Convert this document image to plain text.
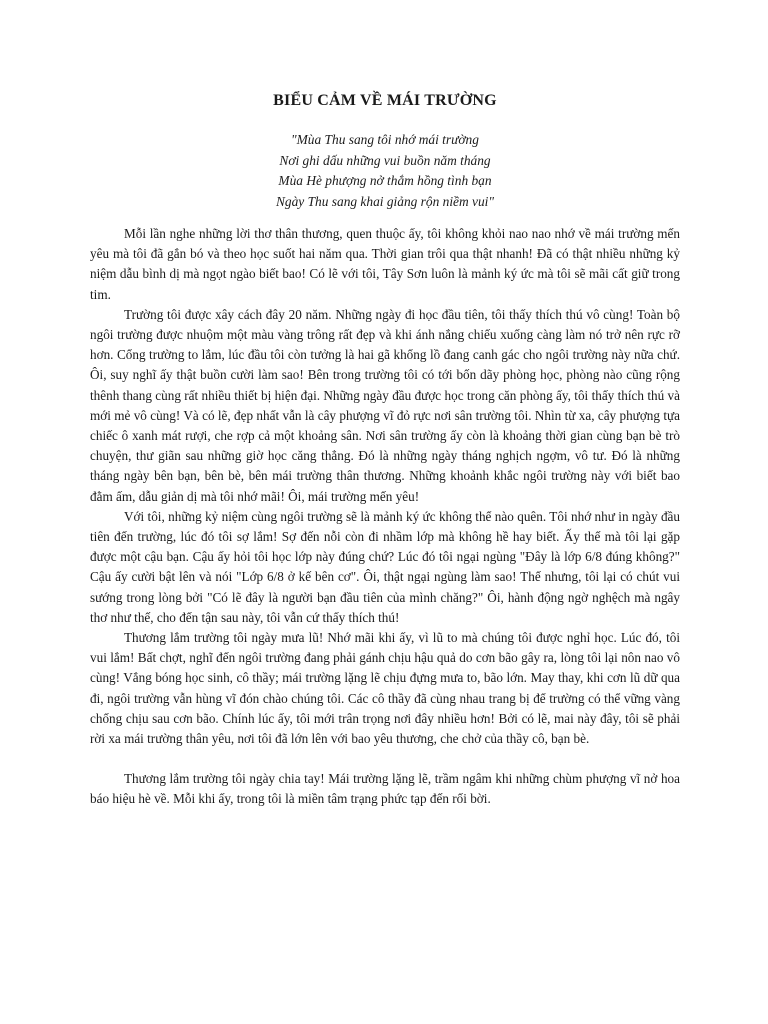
BIỂU CẢM VỀ MÁI TRƯỜNG
"Mùa Thu sang tôi nhớ mái trường
Nơi ghi dấu những vui buồn năm tháng
Mùa Hè phượng nở thắm hồng tình bạn
Ngày Thu sang khai giảng rộn niềm vui"

Mỗi lần nghe những lời thơ thân thương, quen thuộc ấy, tôi không khỏi nao nao nhớ về mái trường mến yêu mà tôi đã gắn bó và theo học suốt hai năm qua. Thời gian trôi qua thật nhanh! Đã có thật nhiều những kỷ niệm dẫu bình dị mà ngọt ngào biết bao! Có lẽ với tôi, Tây Sơn luôn là mảnh ký ức mà tôi sẽ mãi cất giữ trong tim.

Trường tôi được xây cách đây 20 năm. Những ngày đi học đầu tiên, tôi thấy thích thú vô cùng! Toàn bộ ngôi trường được nhuộm một màu vàng trông rất đẹp và khi ánh nắng chiếu xuống càng làm nó trở nên rực rỡ hơn. Cổng trường to lắm, lúc đầu tôi còn tưởng là hai gã khổng lồ đang canh gác cho ngôi trường này nữa chứ. Ôi, suy nghĩ ấy thật buồn cười làm sao! Bên trong trường tôi có tới bốn dãy phòng học, phòng nào cũng rộng thênh thang cùng rất nhiều thiết bị hiện đại. Những ngày đầu được học trong căn phòng ấy, tôi thấy thích thú và mới mẻ vô cùng! Và có lẽ, đẹp nhất vẫn là cây phượng vĩ đỏ rực nơi sân trường tôi. Nhìn từ xa, cây phượng tựa chiếc ô xanh mát rượi, che rợp cả một khoảng sân. Nơi sân trường ấy còn là khoảng thời gian cùng bạn bè trò chuyện, thư giãn sau những giờ học căng thẳng. Đó là những ngày tháng nghịch ngợm, vô tư. Đó là những tháng ngày bên bạn, bên bè, bên mái trường thân thương. Những khoảnh khắc ngôi trường này với biết bao đằm ấm, dẫu giản dị mà tôi nhớ mãi! Ôi, mái trường mến yêu!

Với tôi, những kỷ niệm cùng ngôi trường sẽ là mảnh ký ức không thể nào quên. Tôi nhớ như in ngày đầu tiên đến trường, lúc đó tôi sợ lắm! Sợ đến nỗi còn đi nhầm lớp mà không hề hay biết. Ấy thế mà tôi lại gặp được một cậu bạn. Cậu ấy hỏi tôi học lớp này đúng chứ? Lúc đó tôi ngại ngùng "Đây là lớp 6/8 đúng không?" Cậu ấy cười bật lên và nói "Lớp 6/8 ở kế bên cơ". Ôi, thật ngại ngùng làm sao! Thế nhưng, tôi lại có chút vui sướng trong lòng bởi "Có lẽ đây là người bạn đầu tiên của mình chăng?" Ôi, hành động ngờ nghệch mà ngây thơ như thế, cho đến tận sau này, tôi vẫn cứ thấy thích thú!

Thương lắm trường tôi ngày mưa lũ! Nhớ mãi khi ấy, vì lũ to mà chúng tôi được nghỉ học. Lúc đó, tôi vui lắm! Bất chợt, nghĩ đến ngôi trường đang phải gánh chịu hậu quả do cơn bão gây ra, lòng tôi lại nôn nao vô cùng! Vắng bóng học sinh, cô thầy; mái trường lặng lẽ chịu đựng mưa to, bão lớn. May thay, khi cơn lũ dữ qua đi, ngôi trường vẫn hùng vĩ đón chào chúng tôi. Các cô thầy đã cùng nhau trang bị để trường có thể vững vàng chống chịu sau cơn bão. Chính lúc ấy, tôi mới trân trọng nơi đây nhiều hơn! Bởi có lẽ, mai này đây, tôi sẽ phải rời xa mái trường thân yêu, nơi tôi đã lớn lên với bao yêu thương, che chở của thầy cô, bạn bè.

Thương lắm trường tôi ngày chia tay! Mái trường lặng lẽ, trầm ngâm khi những chùm phượng vĩ nở hoa báo hiệu hè về. Mỗi khi ấy, trong tôi là miền tâm trạng phức tạp đến rối bời.
